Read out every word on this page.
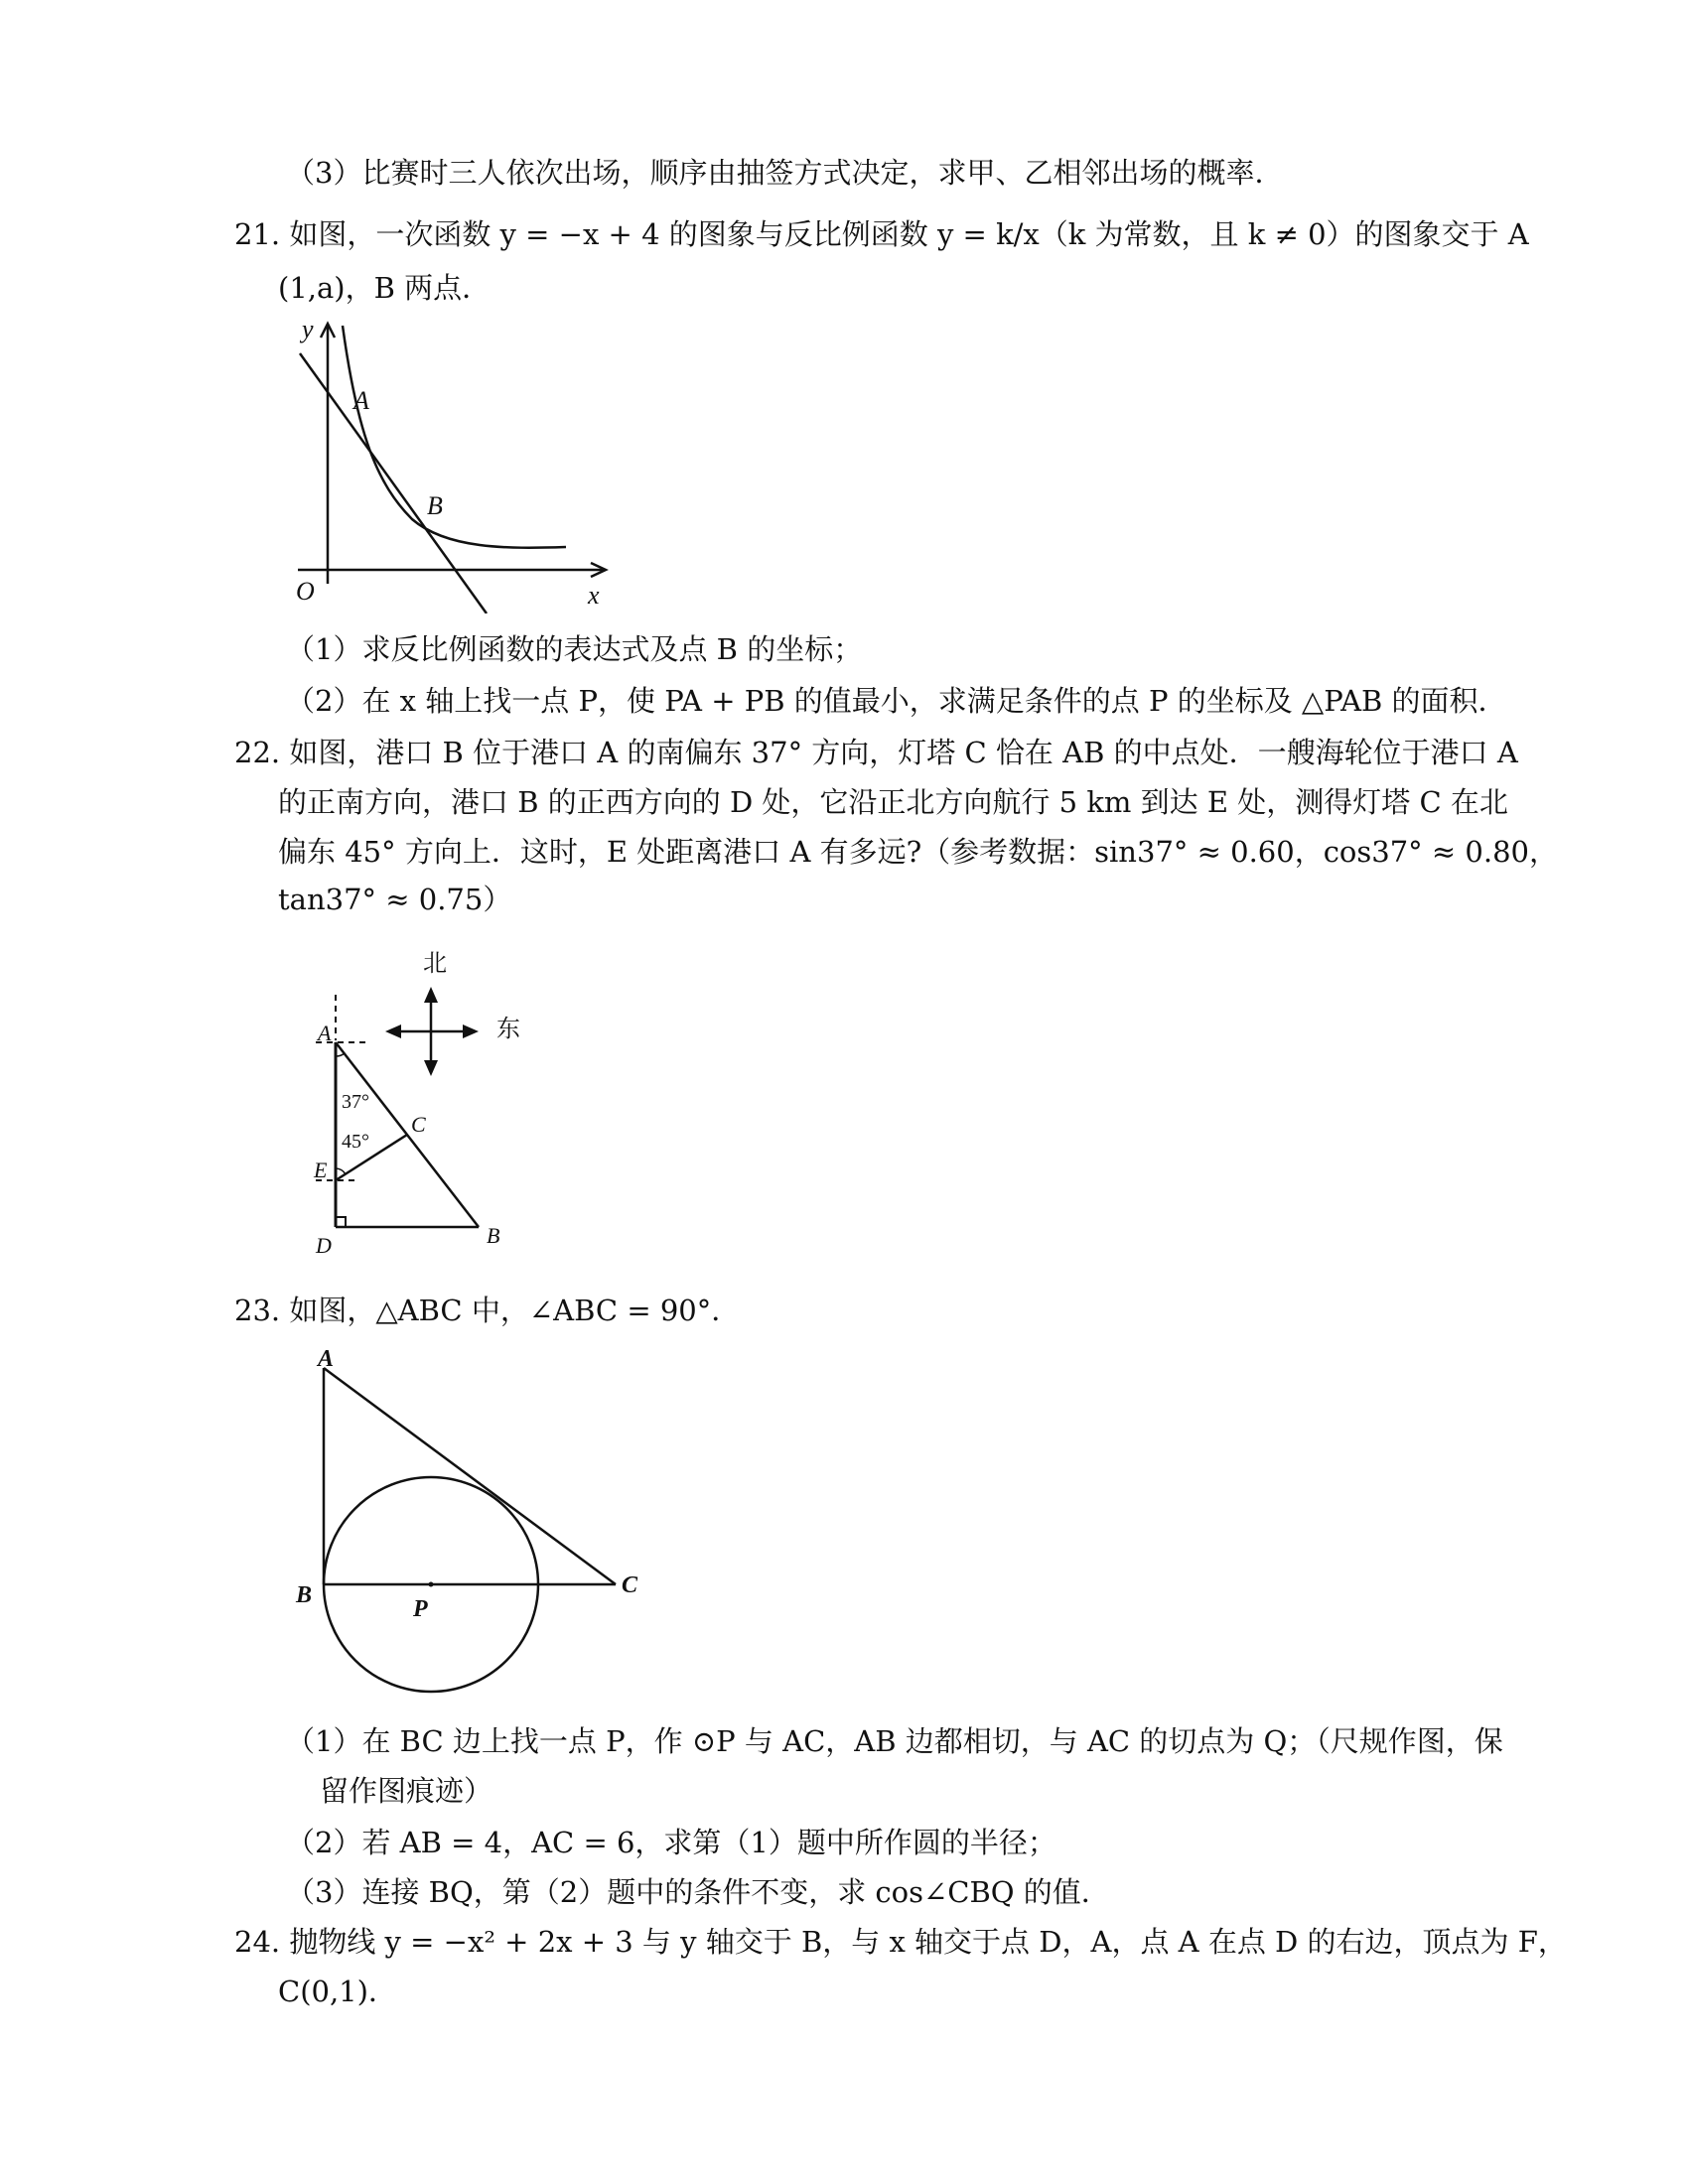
（3）比赛时三人依次出场，顺序由抽签方式决定，求甲、乙相邻出场的概率．
21. 如图，一次函数 y = −x + 4 的图象与反比例函数 y = k/x（k 为常数，且 k ≠ 0）的图象交于 A
(1,a)，B 两点．
y
x
O
A
B
（1）求反比例函数的表达式及点 B 的坐标；
（2）在 x 轴上找一点 P，使 PA + PB 的值最小，求满足条件的点 P 的坐标及 △PAB 的面积．
22. 如图，港口 B 位于港口 A 的南偏东 37° 方向，灯塔 C 恰在 AB 的中点处．一艘海轮位于港口 A
的正南方向，港口 B 的正西方向的 D 处，它沿正北方向航行 5 km 到达 E 处，测得灯塔 C 在北
偏东 45° 方向上．这时，E 处距离港口 A 有多远?（参考数据：sin37° ≈ 0.60，cos37° ≈ 0.80，
tan37° ≈ 0.75）
北
东
A
37°
45°
C
E
D	B
23. 如图，△ABC 中，∠ABC = 90°．
A
B	C
P
（1）在 BC 边上找一点 P，作 ⊙P 与 AC，AB 边都相切，与 AC 的切点为 Q；（尺规作图，保
留作图痕迹）
（2）若 AB = 4，AC = 6，求第（1）题中所作圆的半径；
（3）连接 BQ，第（2）题中的条件不变，求 cos∠CBQ 的值．
24. 抛物线 y = −x² + 2x + 3 与 y 轴交于 B，与 x 轴交于点 D，A，点 A 在点 D 的右边，顶点为 F，
C(0,1)．
